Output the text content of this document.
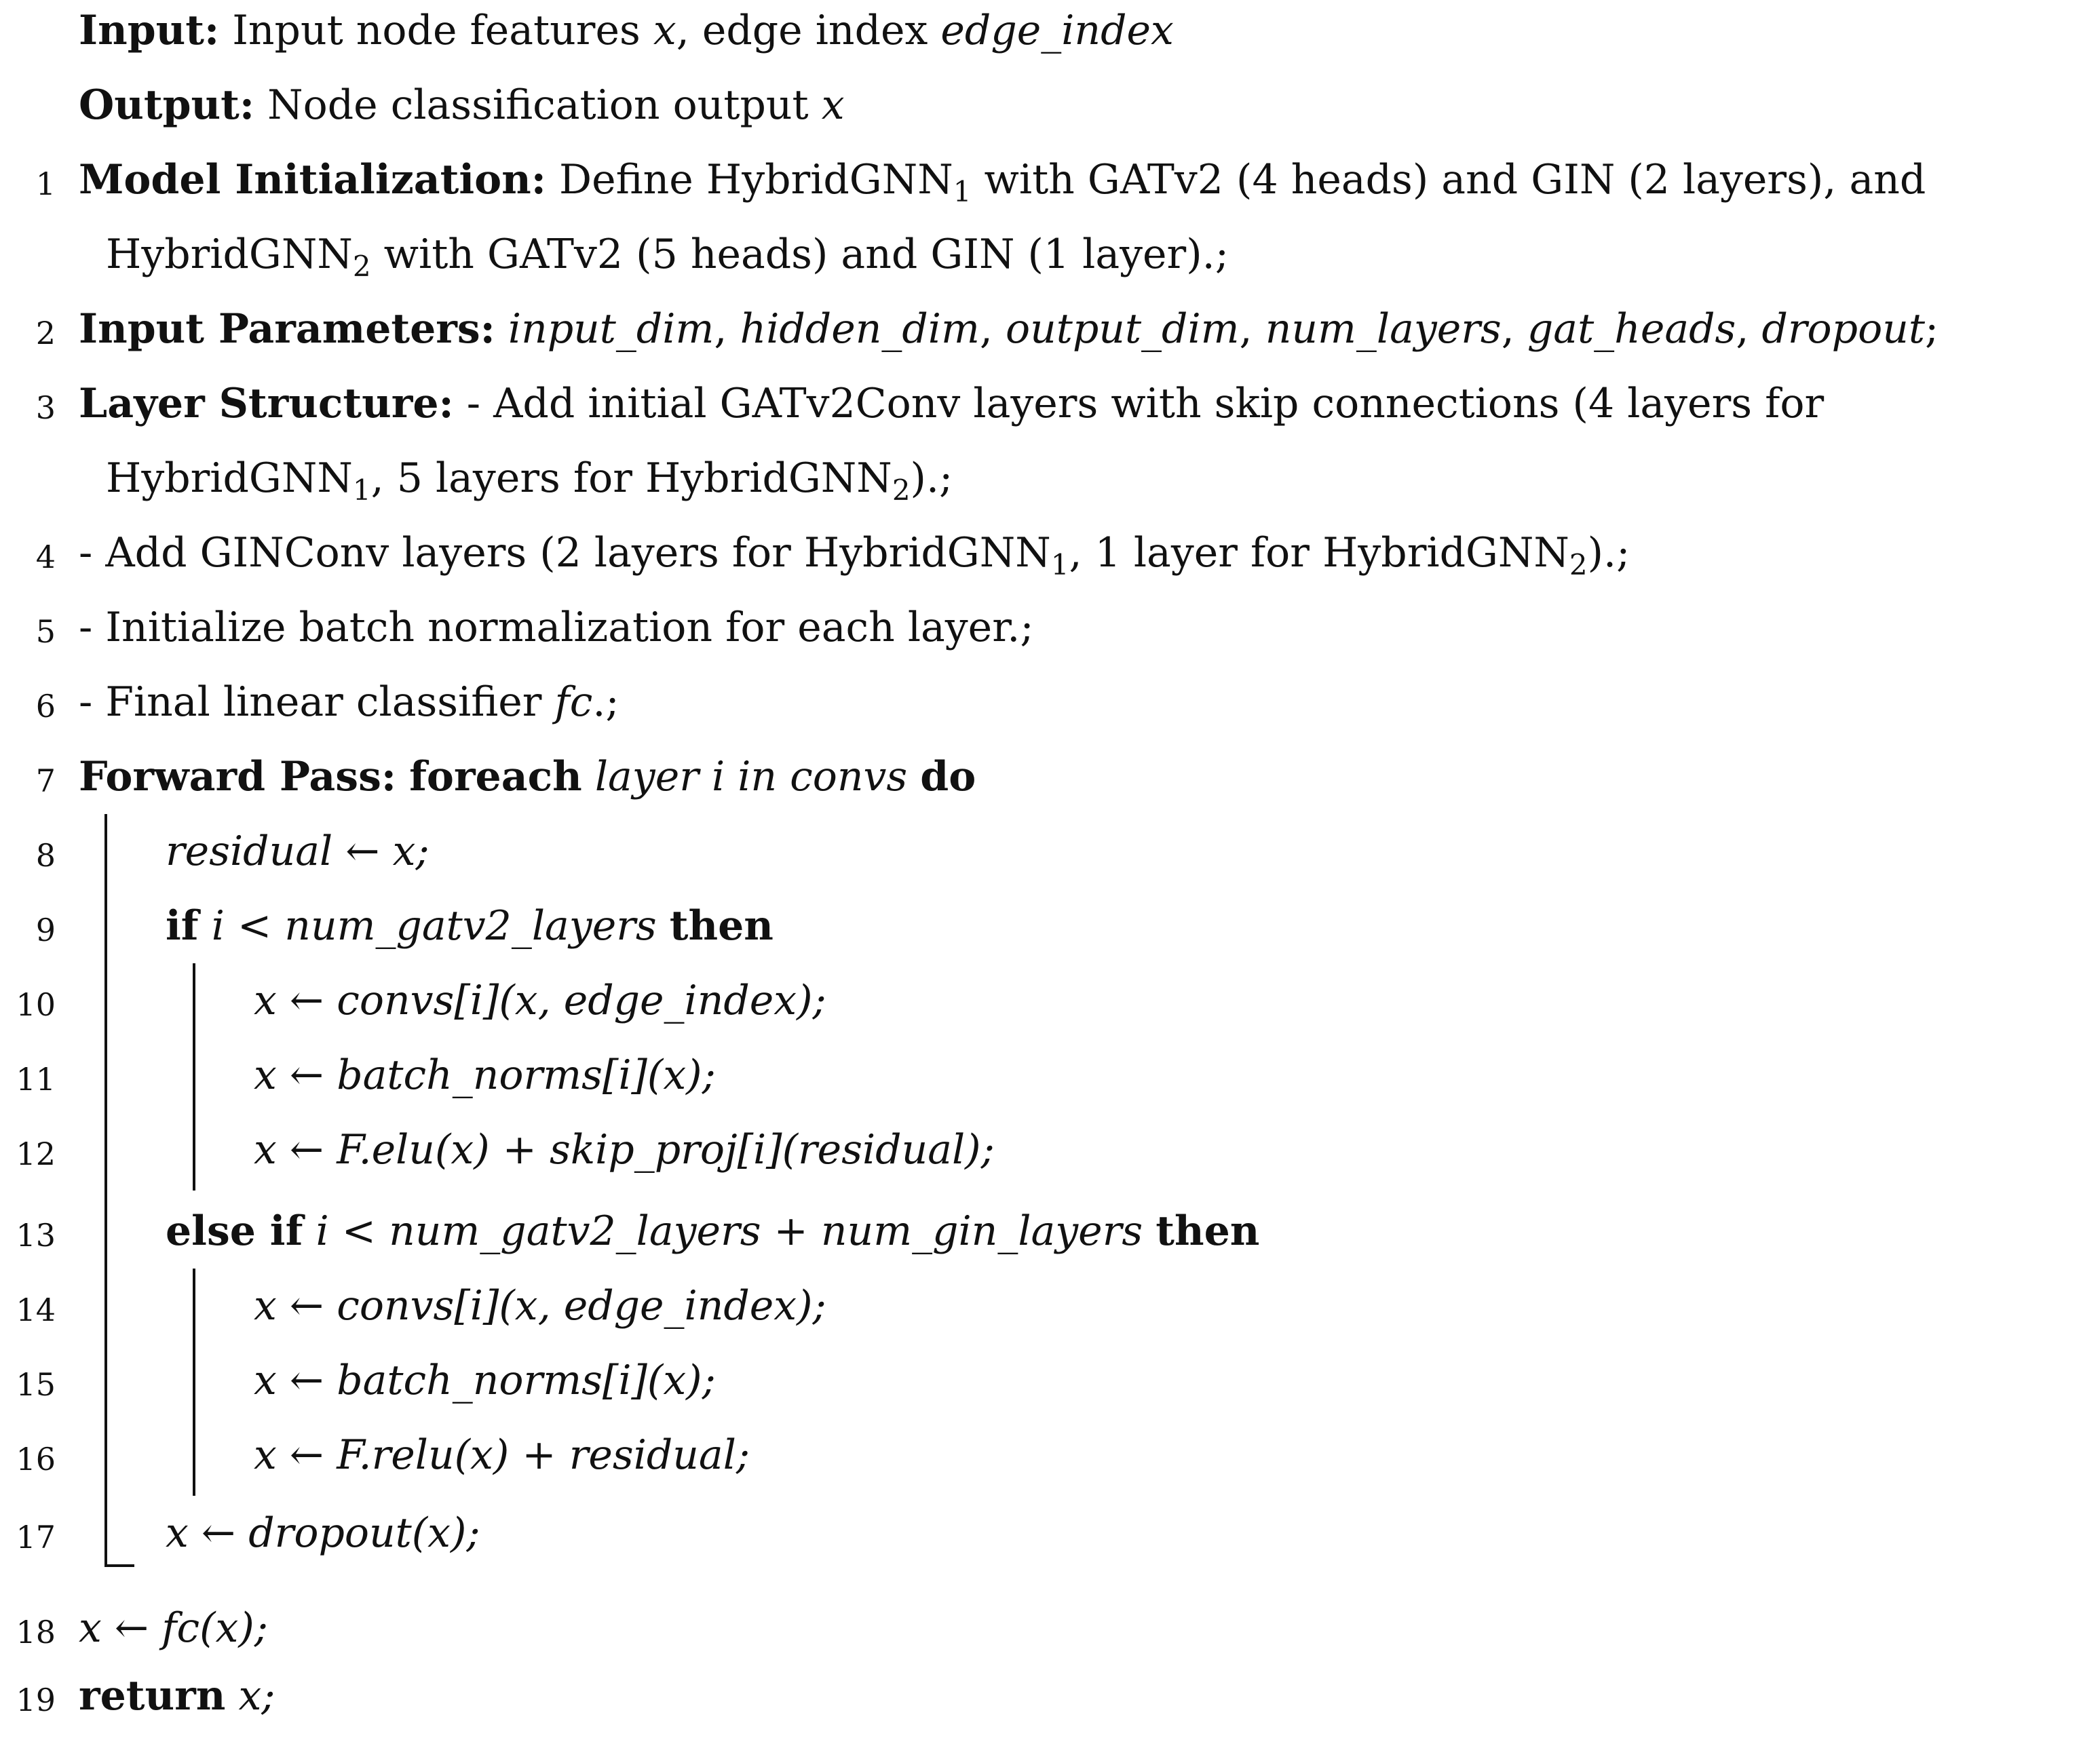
Input: Input node features x, edge index edge_index
Output: Node classification output x
1 Model Initialization: Define HybridGNN$_1$ with GATv2 (4 heads) and GIN (2 layers), and
HybridGNN$_2$ with GATv2 (5 heads) and GIN (1 layer).;
2 Input Parameters: input_dim, hidden_dim, output_dim, num_layers, gat_heads, dropout;
3 Layer Structure: - Add initial GATv2Conv layers with skip connections (4 layers for
HybridGNN$_1$, 5 layers for HybridGNN$_2$).;
4 - Add GINConv layers (2 layers for HybridGNN$_1$, 1 layer for HybridGNN$_2$).;
5 - Initialize batch normalization for each layer.;
6 - Final linear classifier fc.;
7 Forward Pass: foreach layer i in convs do
8	residual ← x;
9	if i < num_gatv2_layers then
10	x ← convs[i](x, edge_index);
11	x ← batch_norms[i](x);
12	x ← F.elu(x) + skip_proj[i](residual);
13	else if i < num_gatv2_layers + num_gin_layers then
14	x ← convs[i](x, edge_index);
15	x ← batch_norms[i](x);
16	x ← F.relu(x) + residual;
17	x ← dropout(x);
18 x ← fc(x);
19 return x;
